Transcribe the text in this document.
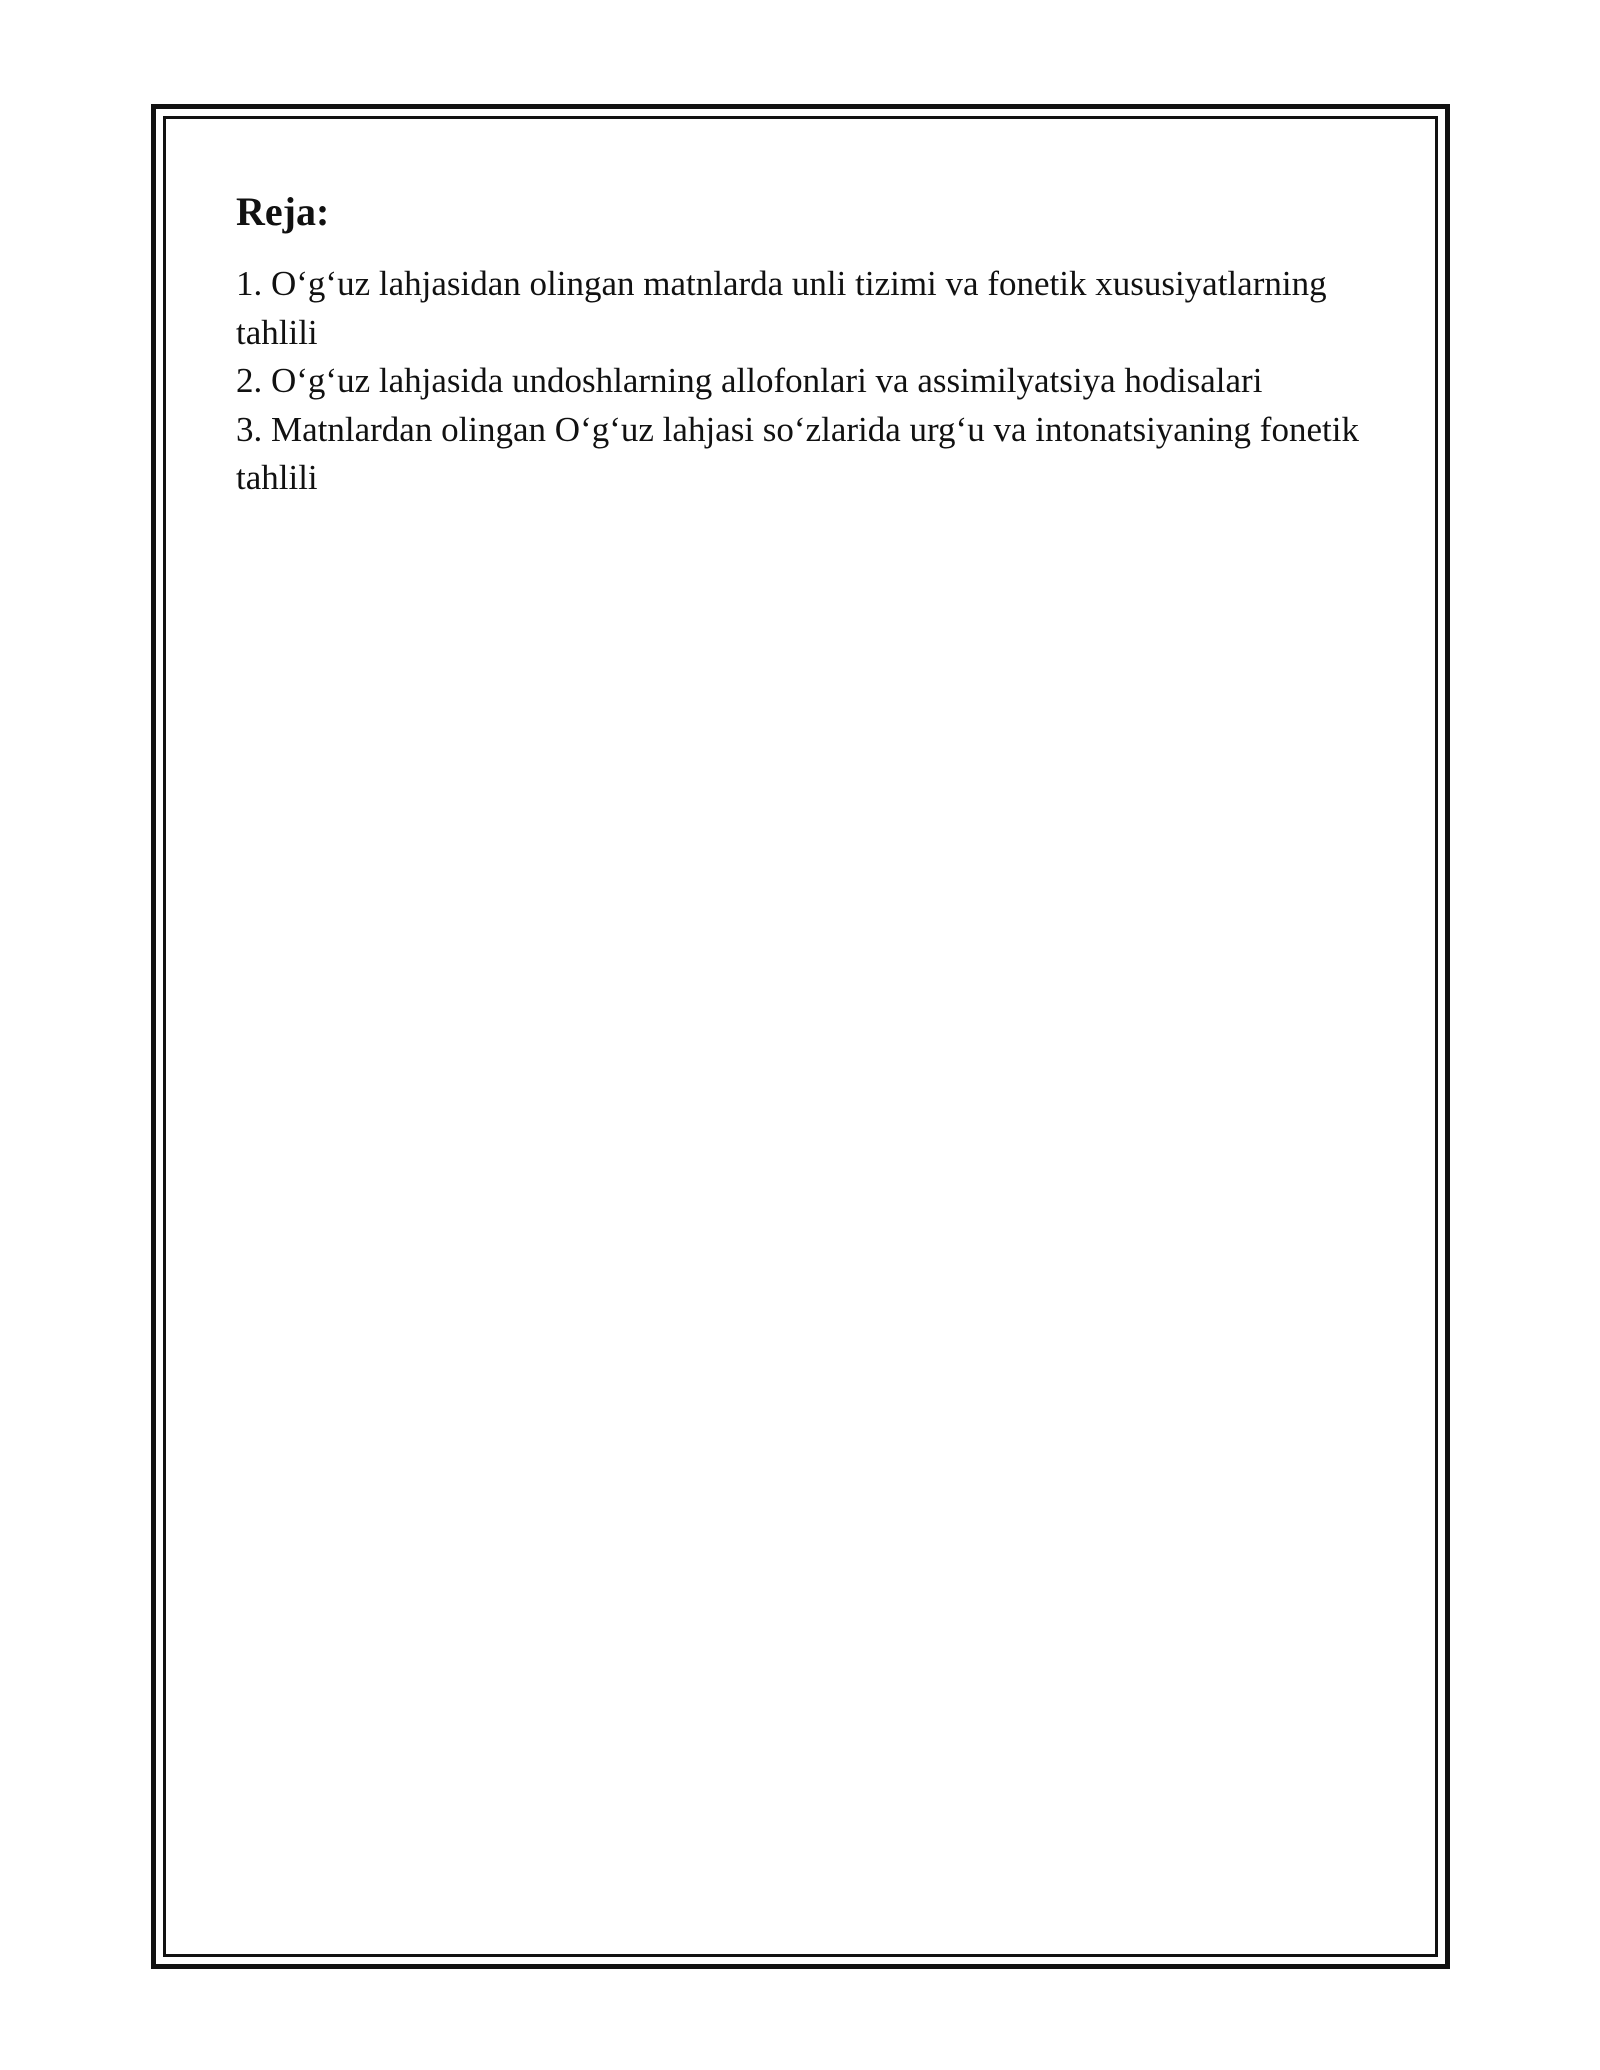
Reja:
1. O‘g‘uz lahjasidan olingan matnlarda unli tizimi va fonetik xususiyatlarning tahlili
2. O‘g‘uz lahjasida undoshlarning allofonlari va assimilyatsiya hodisalari
3. Matnlardan olingan O‘g‘uz lahjasi so‘zlarida urg‘u va intonatsiyaning fonetik tahlili
